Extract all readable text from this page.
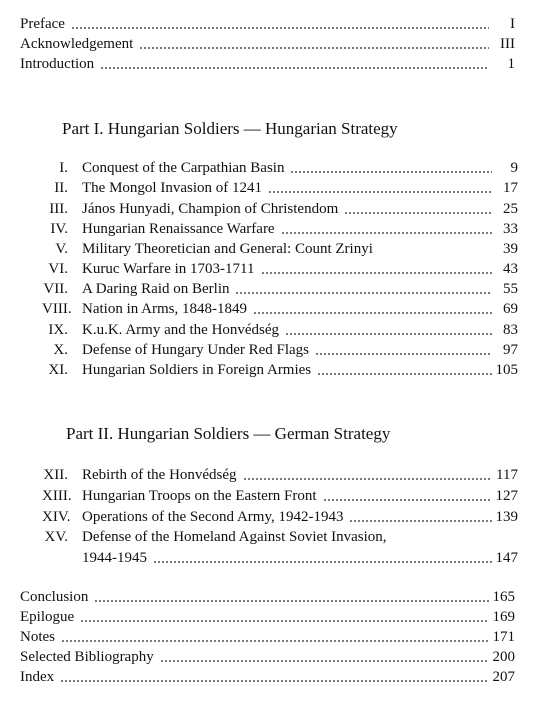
Preface	I
Acknowledgement	III
Introduction	1
Part I. Hungarian Soldiers — Hungarian Strategy
I. Conquest of the Carpathian Basin	9
II. The Mongol Invasion of 1241	17
III. János Hunyadi, Champion of Christendom	25
IV. Hungarian Renaissance Warfare	33
V. Military Theoretician and General: Count Zrinyi	39
VI. Kuruc Warfare in 1703-1711	43
VII. A Daring Raid on Berlin	55
VIII. Nation in Arms, 1848-1849	69
IX. K.u.K. Army and the Honvédség	83
X. Defense of Hungary Under Red Flags	97
XI. Hungarian Soldiers in Foreign Armies	105
Part II. Hungarian Soldiers — German Strategy
XII. Rebirth of the Honvédség	117
XIII. Hungarian Troops on the Eastern Front	127
XIV. Operations of the Second Army, 1942-1943	139
XV. Defense of the Homeland Against Soviet Invasion,
1944-1945	147
Conclusion	165
Epilogue	169
Notes	171
Selected Bibliography	200
Index	207
